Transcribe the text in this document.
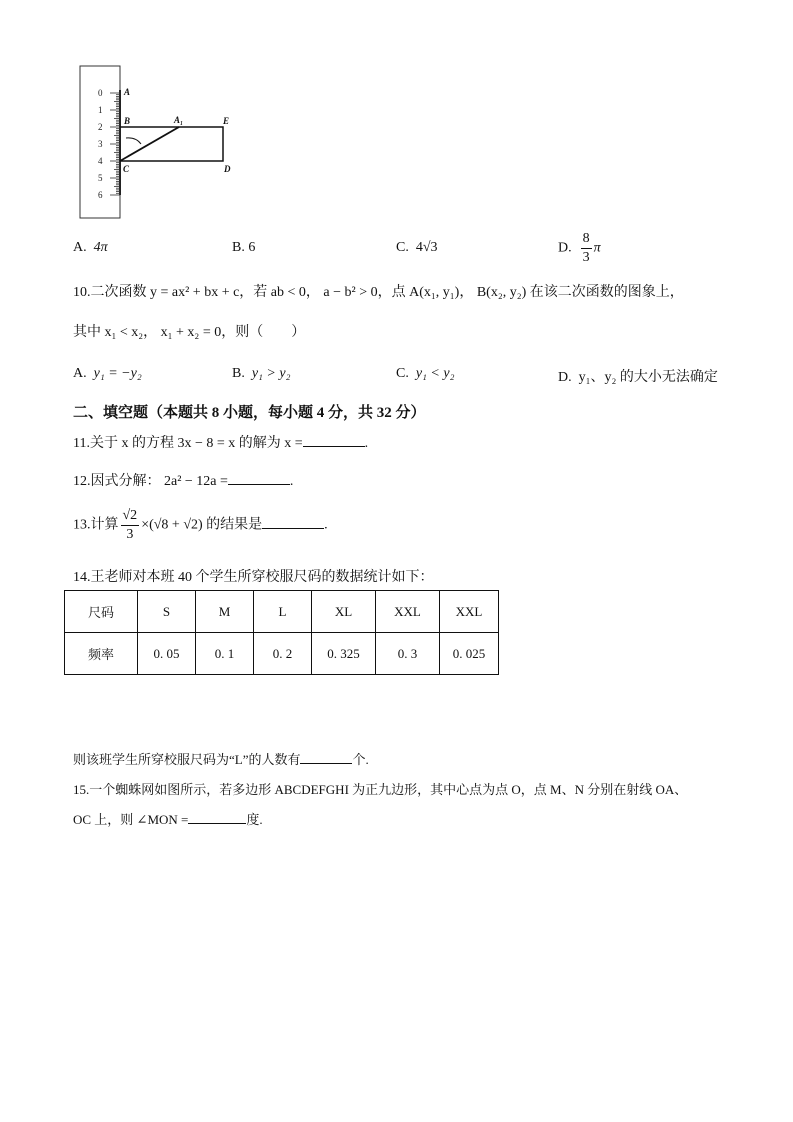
0
1
2
3
4
5
6
A
B	A₁	E
C	D
A. 4π	B. 6	C. 4√3	D. $\frac{8}{3}$ π
10.二次函数 y = ax² + bx + c，若 ab < 0， a − b² > 0，点 A(x₁, y₁)， B(x₂, y₂) 在该二次函数的图象上，
其中 x₁ < x₂， x₁ + x₂ = 0，则（　　）
A. y₁ = −y₂	B. y₁ > y₂	C. y₁ < y₂	D. y₁、y₂ 的大小无法确定
二、填空题（本题共 8 小题，每小题 4 分，共 32 分）
11.关于 x 的方程 3x − 8 = x 的解为 x =	.
12.因式分解： 2a² − 12a =	.
13.计算 $\frac{√2}{3} \times(√8 + √2)$ 的结果是	.
14.王老师对本班 40 个学生所穿校服尺码的数据统计如下：
尺码	S	M	L	XL	XXL	XXL
频率	0. 05	0. 1	0. 2	0. 325	0. 3	0. 025
则该班学生所穿校服尺码为“L”的人数有	个.
15.一个蜘蛛网如图所示，若多边形 ABCDEFGHI 为正九边形，其中心点为点 O，点 M、N 分别在射线 OA、
OC 上，则 ∠MON =	度.
